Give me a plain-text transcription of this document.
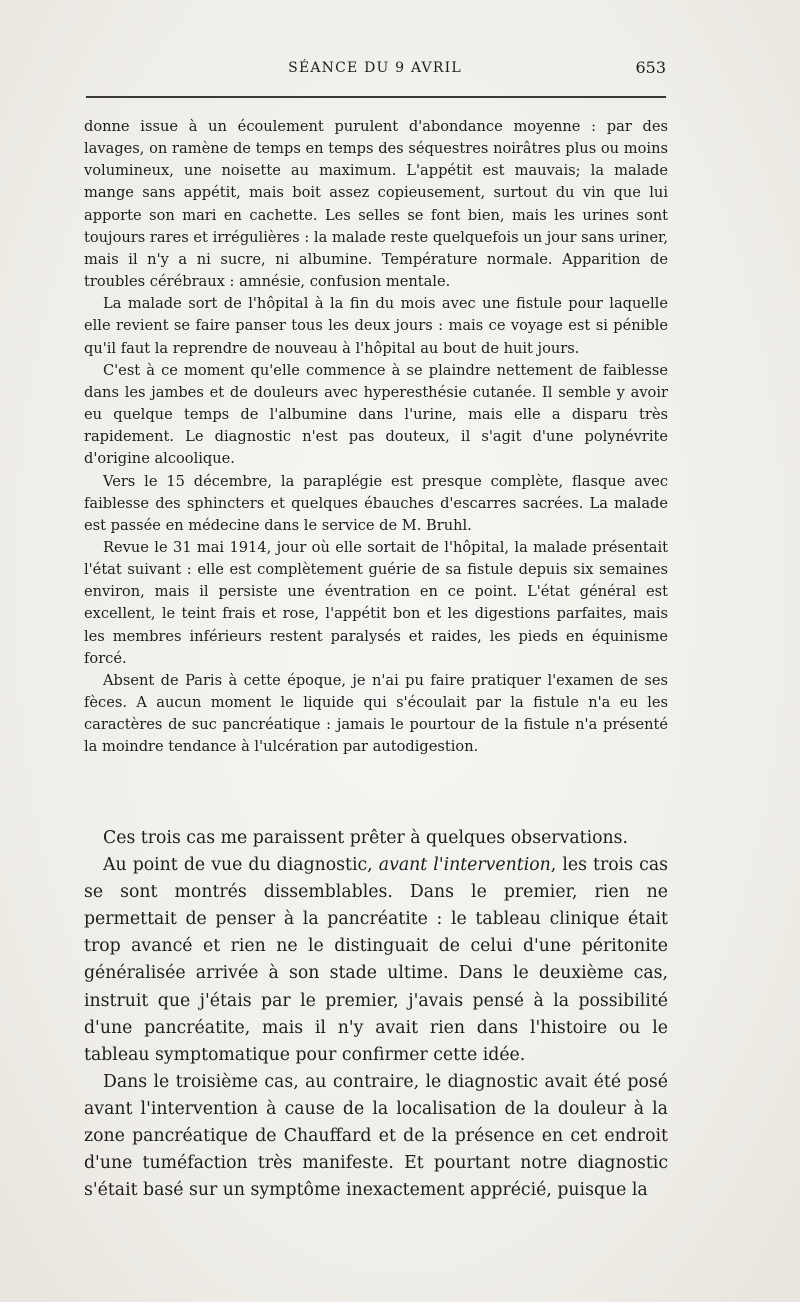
SÉANCE DU 9 AVRIL	653

donne issue à un écoulement purulent d'abondance moyenne : par des lavages, on ramène de temps en temps des séquestres noirâtres plus ou moins volumineux, une noisette au maximum. L'appétit est mauvais; la malade mange sans appétit, mais boit assez copieusement, surtout du vin que lui apporte son mari en cachette. Les selles se font bien, mais les urines sont toujours rares et irrégulières : la malade reste quelquefois un jour sans uriner, mais il n'y a ni sucre, ni albumine. Température normale. Apparition de troubles cérébraux : amnésie, confusion mentale.

La malade sort de l'hôpital à la fin du mois avec une fistule pour laquelle elle revient se faire panser tous les deux jours : mais ce voyage est si pénible qu'il faut la reprendre de nouveau à l'hôpital au bout de huit jours.

C'est à ce moment qu'elle commence à se plaindre nettement de faiblesse dans les jambes et de douleurs avec hyperesthésie cutanée. Il semble y avoir eu quelque temps de l'albumine dans l'urine, mais elle a disparu très rapidement. Le diagnostic n'est pas douteux, il s'agit d'une polynévrite d'origine alcoolique.

Vers le 15 décembre, la paraplégie est presque complète, flasque avec faiblesse des sphincters et quelques ébauches d'escarres sacrées. La malade est passée en médecine dans le service de M. Bruhl.

Revue le 31 mai 1914, jour où elle sortait de l'hôpital, la malade présentait l'état suivant : elle est complètement guérie de sa fistule depuis six semaines environ, mais il persiste une éventration en ce point. L'état général est excellent, le teint frais et rose, l'appétit bon et les digestions parfaites, mais les membres inférieurs restent paralysés et raides, les pieds en équinisme forcé.

Absent de Paris à cette époque, je n'ai pu faire pratiquer l'examen de ses fèces. A aucun moment le liquide qui s'écoulait par la fistule n'a eu les caractères de suc pancréatique : jamais le pourtour de la fistule n'a présenté la moindre tendance à l'ulcération par autodigestion.

Ces trois cas me paraissent prêter à quelques observations.

Au point de vue du diagnostic, avant l'intervention, les trois cas se sont montrés dissemblables. Dans le premier, rien ne permettait de penser à la pancréatite : le tableau clinique était trop avancé et rien ne le distinguait de celui d'une péritonite généralisée arrivée à son stade ultime. Dans le deuxième cas, instruit que j'étais par le premier, j'avais pensé à la possibilité d'une pancréatite, mais il n'y avait rien dans l'histoire ou le tableau symptomatique pour confirmer cette idée.

Dans le troisième cas, au contraire, le diagnostic avait été posé avant l'intervention à cause de la localisation de la douleur à la zone pancréatique de Chauffard et de la présence en cet endroit d'une tuméfaction très manifeste. Et pourtant notre diagnostic s'était basé sur un symptôme inexactement apprécié, puisque la
